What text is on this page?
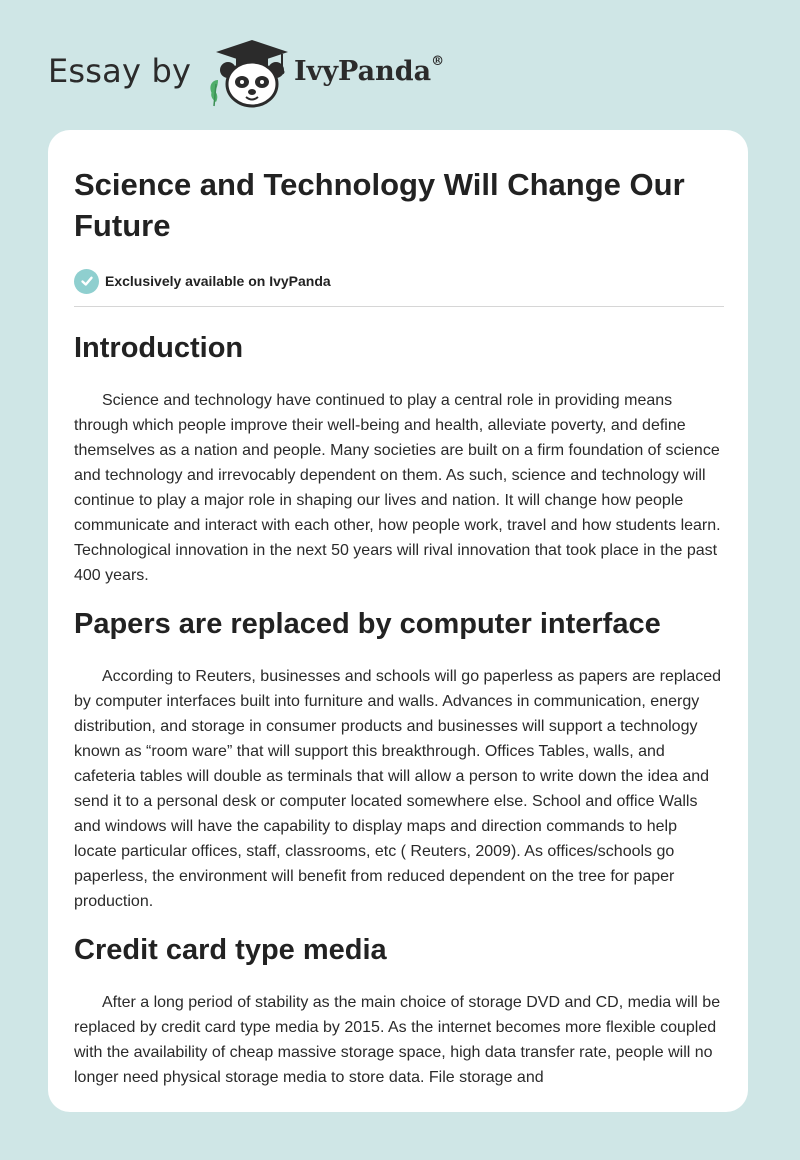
Essay by	IvyPanda®
Science and Technology Will Change Our Future
Exclusively available on IvyPanda
Introduction

Science and technology have continued to play a central role in providing means through which people improve their well-being and health, alleviate poverty, and define themselves as a nation and people. Many societies are built on a firm foundation of science and technology and irrevocably dependent on them. As such, science and technology will continue to play a major role in shaping our lives and nation. It will change how people communicate and interact with each other, how people work, travel and how students learn. Technological innovation in the next 50 years will rival innovation that took place in the past 400 years.

Papers are replaced by computer interface

According to Reuters, businesses and schools will go paperless as papers are replaced by computer interfaces built into furniture and walls. Advances in communication, energy distribution, and storage in consumer products and businesses will support a technology known as “room ware” that will support this breakthrough. Offices Tables, walls, and cafeteria tables will double as terminals that will allow a person to write down the idea and send it to a personal desk or computer located somewhere else. School and office Walls and windows will have the capability to display maps and direction commands to help locate particular offices, staff, classrooms, etc ( Reuters, 2009). As offices/schools go paperless, the environment will benefit from reduced dependent on the tree for paper production.

Credit card type media

After a long period of stability as the main choice of storage DVD and CD, media will be replaced by credit card type media by 2015. As the internet becomes more flexible coupled with the availability of cheap massive storage space, high data transfer rate, people will no longer need physical storage media to store data. File storage and
